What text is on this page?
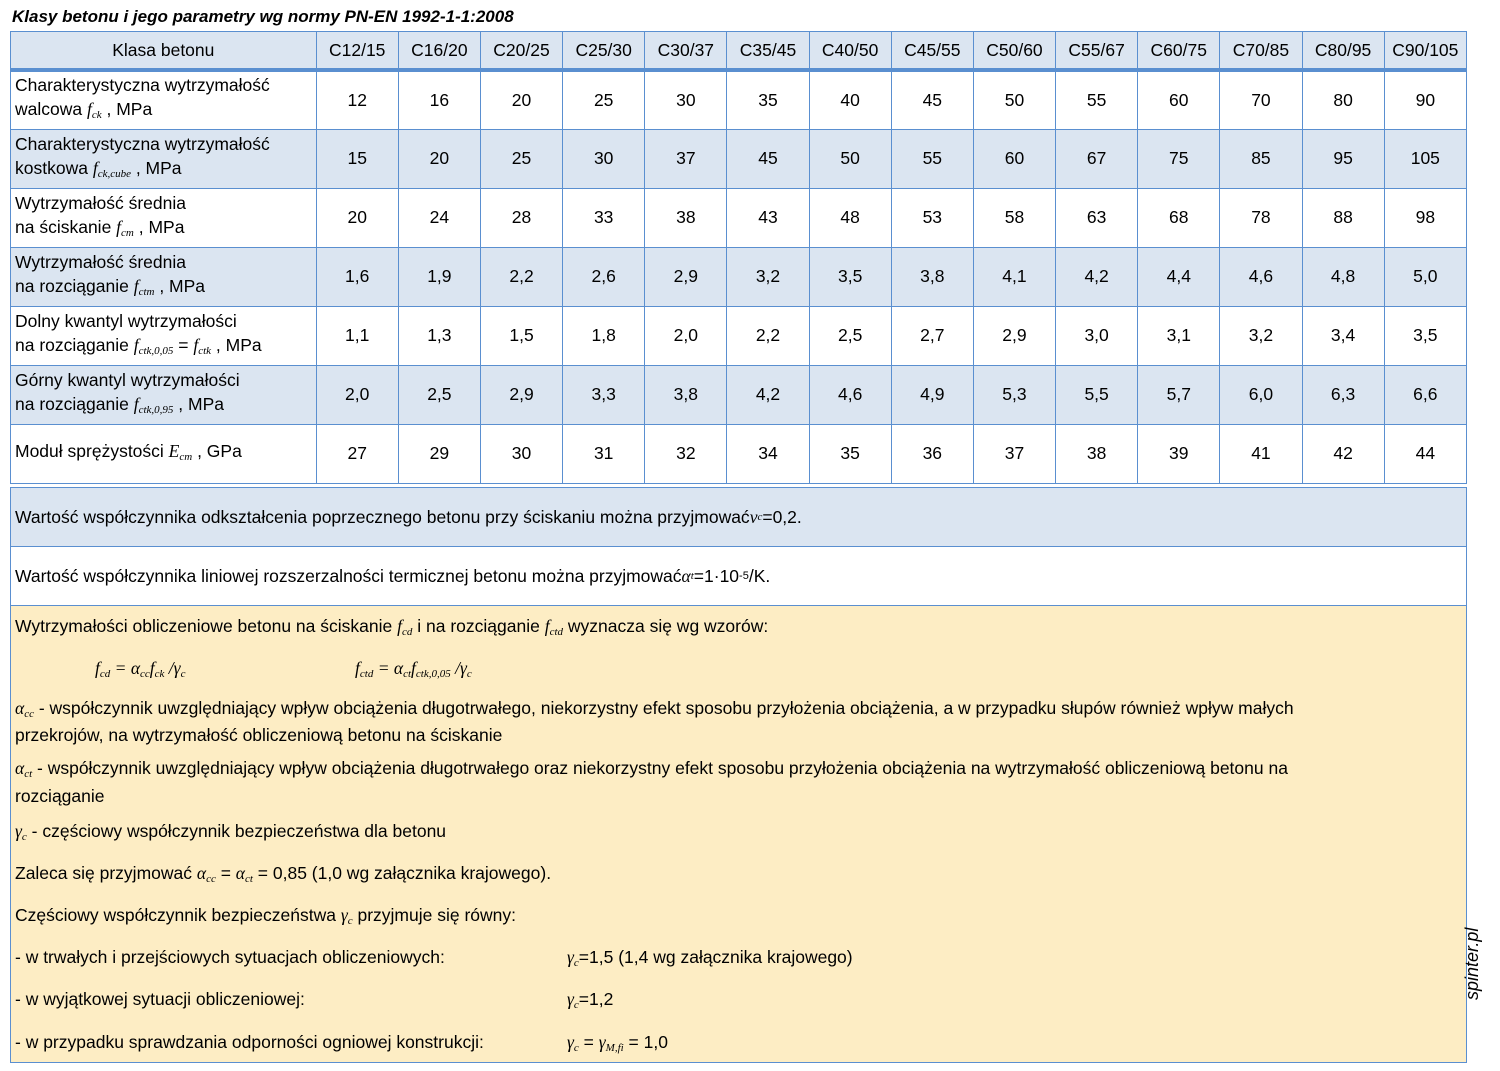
Klasy betonu i jego parametry wg normy PN-EN 1992-1-1:2008
Klasa betonu	C12/15	C16/20	C20/25	C25/30	C30/37	C35/45	C40/50	C45/55	C50/60	C55/67	C60/75	C70/85	C80/95	C90/105

Charakterystyczna wytrzymałość
walcowa fck , MPa	12	16	20	25	30	35	40	45	50	55	60	70	80	90

Charakterystyczna wytrzymałość
kostkowa fck,cube , MPa	15	20	25	30	37	45	50	55	60	67	75	85	95	105

Wytrzymałość średnia
na ściskanie fcm , MPa	20	24	28	33	38	43	48	53	58	63	68	78	88	98

Wytrzymałość średnia
na rozciąganie fctm , MPa	1,6	1,9	2,2	2,6	2,9	3,2	3,5	3,8	4,1	4,2	4,4	4,6	4,8	5,0

Dolny kwantyl wytrzymałości
na rozciąganie fctk,0,05 = fctk , MPa	1,1	1,3	1,5	1,8	2,0	2,2	2,5	2,7	2,9	3,0	3,1	3,2	3,4	3,5

Górny kwantyl wytrzymałości
na rozciąganie fctk,0,95 , MPa	2,0	2,5	2,9	3,3	3,8	4,2	4,6	4,9	5,3	5,5	5,7	6,0	6,3	6,6

Moduł sprężystości Ecm , GPa	27	29	30	31	32	34	35	36	37	38	39	41	42	44
Wartość współczynnika odkształcenia poprzecznego betonu przy ściskaniu można przyjmować ν c =0,2.
Wartość współczynnika liniowej rozszerzalności termicznej betonu można przyjmować α t =1·10 -5 /K.
Wytrzymałości obliczeniowe betonu na ściskanie fcd i na rozciąganie fctd wyznacza się wg wzorów:
fcd = αccfck /γc	fctd = αctfctk,0,05 /γc
αcc - współczynnik uwzględniający wpływ obciążenia długotrwałego, niekorzystny efekt sposobu przyłożenia obciążenia, a w przypadku słupów również wpływ małych
przekrojów, na wytrzymałość obliczeniową betonu na ściskanie
αct - współczynnik uwzględniający wpływ obciążenia długotrwałego oraz niekorzystny efekt sposobu przyłożenia obciążenia na wytrzymałość obliczeniową betonu na
rozciąganie
γc - częściowy współczynnik bezpieczeństwa dla betonu
Zaleca się przyjmować αcc = αct = 0,85 (1,0 wg załącznika krajowego).
Częściowy współczynnik bezpieczeństwa γc przyjmuje się równy:
- w trwałych i przejściowych sytuacjach obliczeniowych:	γc=1,5 (1,4 wg załącznika krajowego)
- w wyjątkowej sytuacji obliczeniowej:	γc=1,2
- w przypadku sprawdzania odporności ogniowej konstrukcji:	γc = γM,fi = 1,0
spinter.pl
